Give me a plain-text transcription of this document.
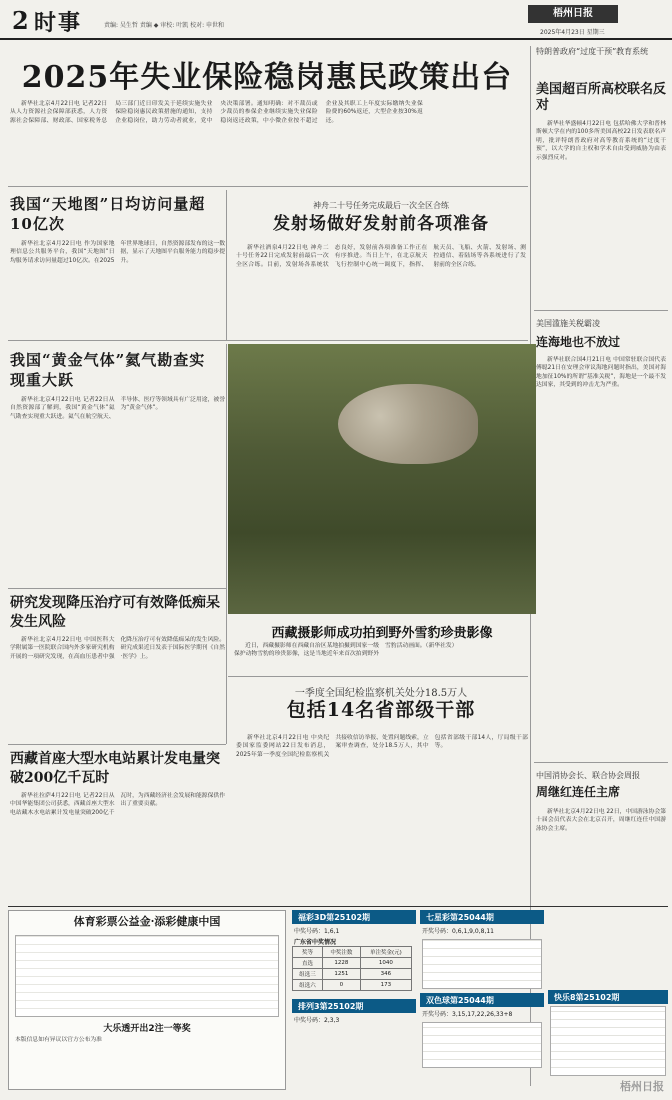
2 时事	责编: 吴生哲 责编 ◆ 审校: 叶凯 校对: 申世和
梧州日报
2025年4月23日 星期三
2025年失业保险稳岗惠民政策出台
新华社北京4月22日电 记者22日从人力资源社会保障部获悉，人力资源社会保障部、财政部、国家税务总局三部门近日印发关于延续实施失业保险稳岗惠民政策措施的通知，支持企业稳岗位，助力劳动者就业，党中央决策部署。通知明确：对不裁员或少裁员的参保企业继续实施失业保险稳岗返还政策，中小微企业按不超过企业及其职工上年度实际缴纳失业保险费的60%返还，大型企业按30%返还。
特朗普政府“过度干预”教育系统
美国超百所高校联名反对
新华社华盛顿4月22日电 包括哈佛大学和普林斯顿大学在内的100多所美国高校22日发表联名声明，批评特朗普政府对高等教育系统的“过度干预”，以大学的自主权和学术自由受到威胁为由表示强烈反对。
我国“天地图”日均访问量超10亿次
新华社北京4月22日电 作为国家地理信息公共服务平台，我国“天地图”日均服务请求访问量超过10亿次。在2025年世界地球日，自然资源部发布的这一数据，显示了天地图平台服务能力的稳步提升。
神舟二十号任务完成最后一次全区合练
发射场做好发射前各项准备
新华社酒泉4月22日电 神舟二十号任务22日完成发射前最后一次全区合练。目前，发射场各系统状态良好，发射前各项准备工作正在有序推进。当日上午，在北京航天飞行控制中心统一调度下，指挥、航天员、飞船、火箭、发射场、测控通信、着陆场等各系统进行了发射前的全区合练。
我国“黄金气体”氦气勘查实现重大跃
新华社北京4月22日电 记者22日从自然资源部了解到，我国“黄金气体”氦气勘查实现重大跃进。氦气在航空航天、半导体、医疗等领域具有广泛用途，被誉为“黄金气体”。
西藏摄影师成功拍到野外雪豹珍贵影像
近日，西藏摄影师在西藏自治区某地拍摄到国家一级保护动物雪豹的珍贵影像，这是当地近年来首次拍到野外雪豹活动画面。（新华社发）
研究发现降压治疗可有效降低痴呆发生风险
新华社北京4月22日电 中国医科大学附属第一医院联合国内外多家研究机构开展的一项研究发现，在高血压患者中强化降压治疗可有效降低痴呆的发生风险。研究成果近日发表于国际医学期刊《自然·医学》上。
西藏首座大型水电站累计发电量突破200亿千瓦时
新华社拉萨4月22日电 记者22日从中国华能集团公司获悉，西藏首座大型水电站藏木水电站累计发电量突破200亿千瓦时，为西藏经济社会发展和能源保供作出了重要贡献。
一季度全国纪检监察机关处分18.5万人
包括14名省部级干部
新华社北京4月22日电 中央纪委国家监委网站22日发布消息，2025年第一季度全国纪检监察机关共接收信访举报、处置问题线索，立案审查调查，处分18.5万人，其中包括省部级干部14人，厅局级干部等。
美国滥施关税霸凌
连海地也不放过
新华社联合国4月21日电 中国常驻联合国代表傅聪21日在安理会审议海地问题时指出，美国对海地加征10%的所谓“基准关税”，海地是一个最不发达国家，其受到的冲击尤为严重。
中国消协会长、联合协会周报
周继红连任主席
新华社北京4月22日电 22日，中国游泳协会第十届会员代表大会在北京召开，周继红连任中国游泳协会主席。
体育彩票公益金·添彩健康中国
大乐透开出2注一等奖
本版信息如有异议以官方公布为准
福彩3D第25102期
中奖号码：1,6,1
广东省中奖情况
奖等	中奖注数	单注奖金(元)
直选	1228	1040
组选三	1251	346
组选六	0	173
排列3第25102期
中奖号码：2,3,3
七星彩第25044期
开奖号码：0,6,1,9,0,8,11
双色球第25044期
开奖号码：3,15,17,22,26,33+8
快乐8第25102期
梧州日报
